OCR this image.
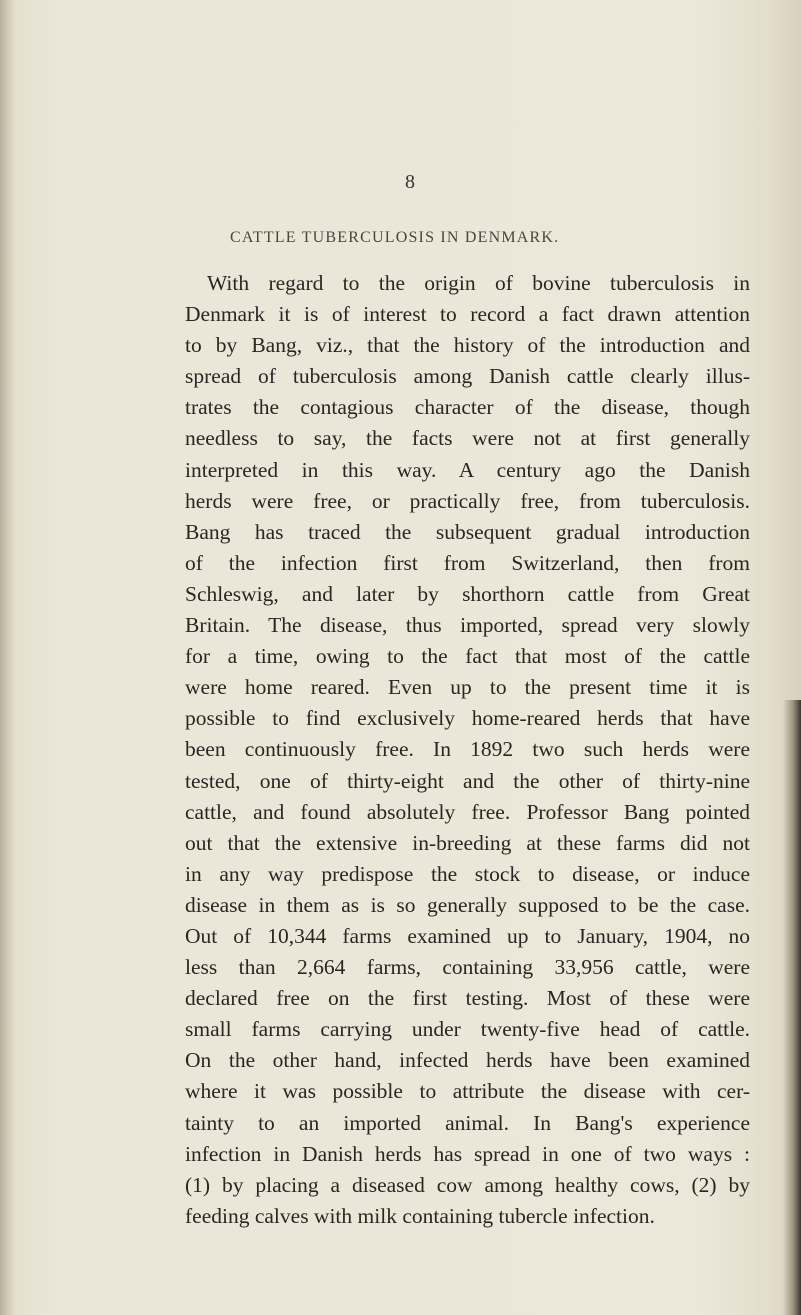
8
CATTLE TUBERCULOSIS IN DENMARK.
With regard to the origin of bovine tuberculosis in
Denmark it is of interest to record a fact drawn attention
to by Bang, viz., that the history of the introduction and
spread of tuberculosis among Danish cattle clearly illus-
trates the contagious character of the disease, though
needless to say, the facts were not at first generally
interpreted in this way. A century ago the Danish
herds were free, or practically free, from tuberculosis.
Bang has traced the subsequent gradual introduction
of the infection first from Switzerland, then from
Schleswig, and later by shorthorn cattle from Great
Britain. The disease, thus imported, spread very slowly
for a time, owing to the fact that most of the cattle
were home reared. Even up to the present time it is
possible to find exclusively home-reared herds that have
been continuously free. In 1892 two such herds were
tested, one of thirty-eight and the other of thirty-nine
cattle, and found absolutely free. Professor Bang pointed
out that the extensive in-breeding at these farms did not
in any way predispose the stock to disease, or induce
disease in them as is so generally supposed to be the case.
Out of 10,344 farms examined up to January, 1904, no
less than 2,664 farms, containing 33,956 cattle, were
declared free on the first testing. Most of these were
small farms carrying under twenty-five head of cattle.
On the other hand, infected herds have been examined
where it was possible to attribute the disease with cer-
tainty to an imported animal. In Bang's experience
infection in Danish herds has spread in one of two ways :
(1) by placing a diseased cow among healthy cows, (2) by
feeding calves with milk containing tubercle infection.
